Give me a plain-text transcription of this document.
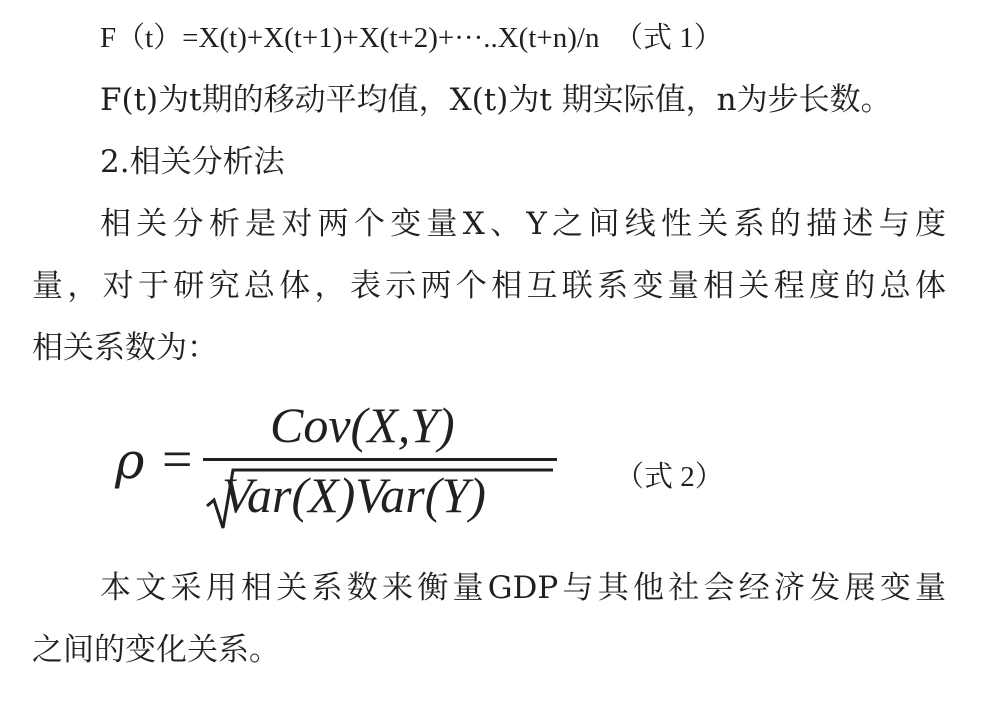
F（t）=X(t)+X(t+1)+X(t+2)+···..X(t+n)/n　（式 1）
F(t)为t期的移动平均值，X(t)为t 期实际值，n为步长数。
2.相关分析法
相关分析是对两个变量X、Y之间线性关系的描述与度
量，对于研究总体，表示两个相互联系变量相关程度的总体
相关系数为：
ρ =
Cov(X,Y)
Var(X)Var(Y)	（式 2）
本文采用相关系数来衡量GDP与其他社会经济发展变量
之间的变化关系。
